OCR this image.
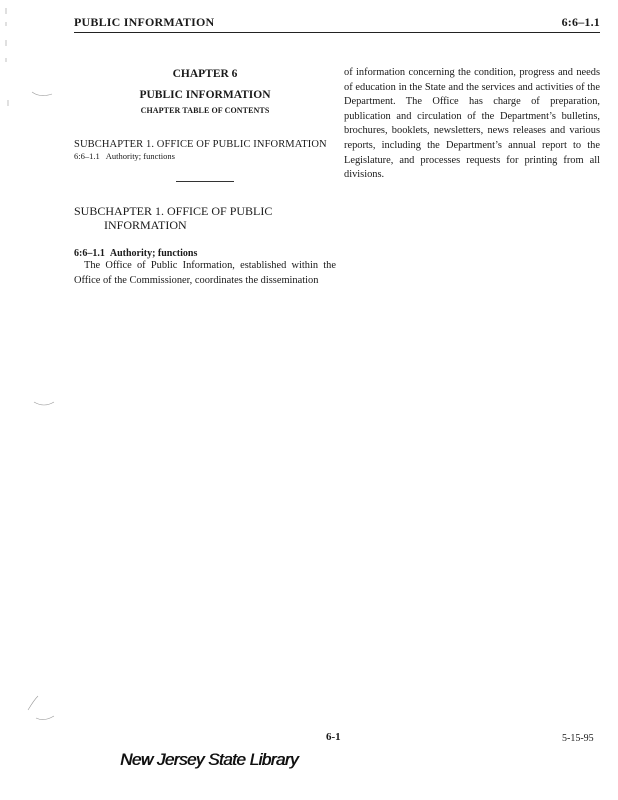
PUBLIC INFORMATION	6:6–1.1
CHAPTER 6
PUBLIC INFORMATION
CHAPTER TABLE OF CONTENTS
SUBCHAPTER 1. OFFICE OF PUBLIC INFORMATION
6:6–1.1 Authority; functions
SUBCHAPTER 1. OFFICE OF PUBLIC
INFORMATION
6:6–1.1 Authority; functions

The Office of Public Information, established within the Office of the Commissioner, coordinates the dissemination

of information concerning the condition, progress and needs of education in the State and the services and activities of the Department. The Office has charge of preparation, publication and circulation of the Department’s bulletins, brochures, booklets, newsletters, news releases and various reports, including the Department’s annual report to the Legislature, and processes requests for printing from all divisions.

6-1	5-15-95
New Jersey State Library
